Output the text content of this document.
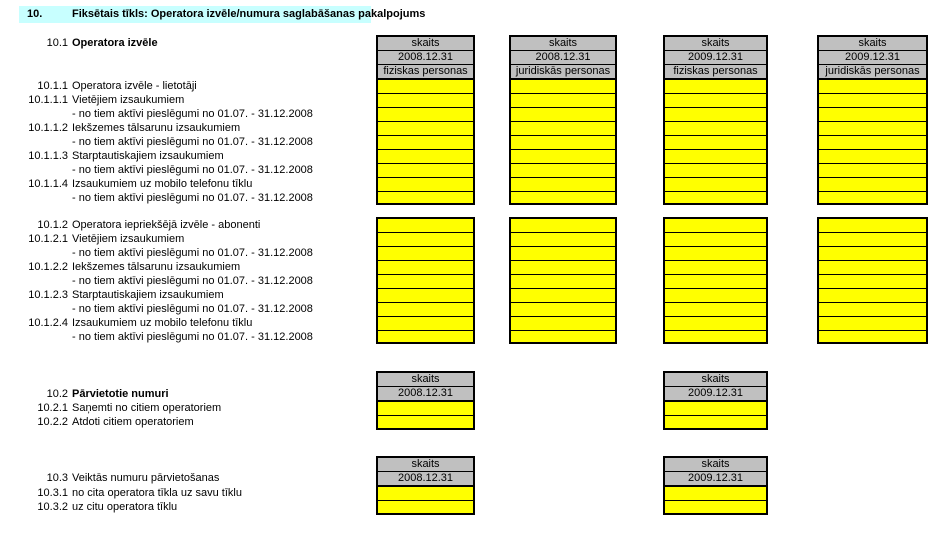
10.	Fiksētais tīkls: Operatora izvēle/numura saglabāšanas pakalpojums
10.1 Operatora izvēle
10.1.1 Operatora izvēle - lietotāji
10.1.1.1 Vietējiem izsaukumiem
- no tiem aktīvi pieslēgumi no 01.07. - 31.12.2008
10.1.1.2 Iekšzemes tālsarunu izsaukumiem
- no tiem aktīvi pieslēgumi no 01.07. - 31.12.2008
10.1.1.3 Starptautiskajiem izsaukumiem
- no tiem aktīvi pieslēgumi no 01.07. - 31.12.2008
10.1.1.4 Izsaukumiem uz mobilo telefonu tīklu
- no tiem aktīvi pieslēgumi no 01.07. - 31.12.2008
10.1.2 Operatora iepriekšējā izvēle - abonenti
10.1.2.1 Vietējiem izsaukumiem
- no tiem aktīvi pieslēgumi no 01.07. - 31.12.2008
10.1.2.2 Iekšzemes tālsarunu izsaukumiem
- no tiem aktīvi pieslēgumi no 01.07. - 31.12.2008
10.1.2.3 Starptautiskajiem izsaukumiem
- no tiem aktīvi pieslēgumi no 01.07. - 31.12.2008
10.1.2.4 Izsaukumiem uz mobilo telefonu tīklu
- no tiem aktīvi pieslēgumi no 01.07. - 31.12.2008
skaits
2008.12.31
fiziskas personas
skaits
2008.12.31
juridiskās personas
skaits
2009.12.31
fiziskas personas
skaits
2009.12.31
juridiskās personas
skaits
2008.12.31
skaits
2009.12.31
10.2 Pārvietotie numuri
10.2.1 Saņemti no citiem operatoriem
10.2.2 Atdoti citiem operatoriem
skaits
2008.12.31
skaits
2009.12.31
10.3 Veiktās numuru pārvietošanas
10.3.1 no cita operatora tīkla uz savu tīklu
10.3.2 uz citu operatora tīklu
